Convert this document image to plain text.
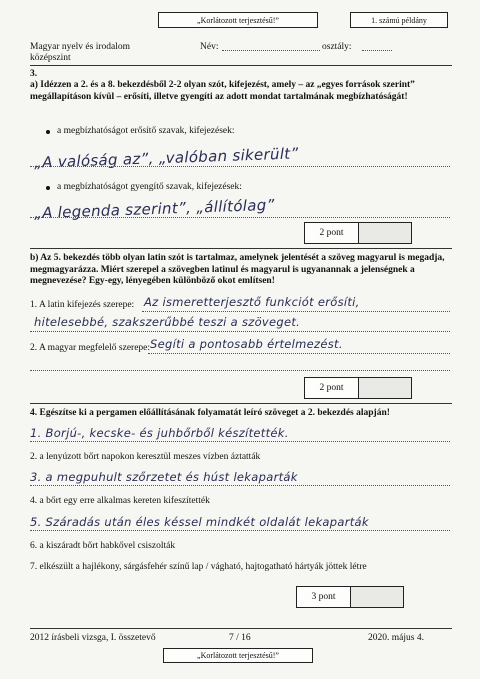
„Korlátozott terjesztésű!”	1. számú példány
Magyar nyelv és irodalom
középszint
Név:	osztály:
3.
a) Idézzen a 2. és a 8. bekezdésből 2-2 olyan szót, kifejezést, amely – az „egyes források szerint” megállapításon kívül – erősíti, illetve gyengíti az adott mondat tartalmának megbízhatóságát!
a megbízhatóságot erősítő szavak, kifejezések:
„A valóság az”, „valóban sikerült”
a megbízhatóságot gyengítő szavak, kifejezések:
„A legenda szerint”, „állítólag”
2 pont
b) Az 5. bekezdés több olyan latin szót is tartalmaz, amelynek jelentését a szöveg magyarul is megadja, megmagyarázza. Miért szerepel a szövegben latinul és magyarul is ugyanannak a jelenségnek a megnevezése? Egy-egy, lényegében különböző okot említsen!
1. A latin kifejezés szerepe: Az ismeretterjesztő funkciót erősíti,
hitelesebbé, szakszerűbbé teszi a szöveget.
2. A magyar megfelelő szerepe: Segíti a pontosabb értelmezést.
2 pont
4. Egészítse ki a pergamen előállításának folyamatát leíró szöveget a 2. bekezdés alapján!
1. Borjú-, kecske- és juhbőrből készítették.
2. a lenyúzott bőrt napokon keresztül meszes vízben áztatták
3. a megpuhult szőrzetet és húst lekaparták
4. a bőrt egy erre alkalmas kereten kifeszítették
5. Száradás után éles késsel mindkét oldalát lekaparták
6. a kiszáradt bőrt habkővel csiszolták
7. elkészült a hajlékony, sárgásfehér színű lap / vágható, hajtogatható hártyák jöttek létre
3 pont
2012 írásbeli vizsga, I. összetevő	7 / 16	2020. május 4.
„Korlátozott terjesztésű!”
